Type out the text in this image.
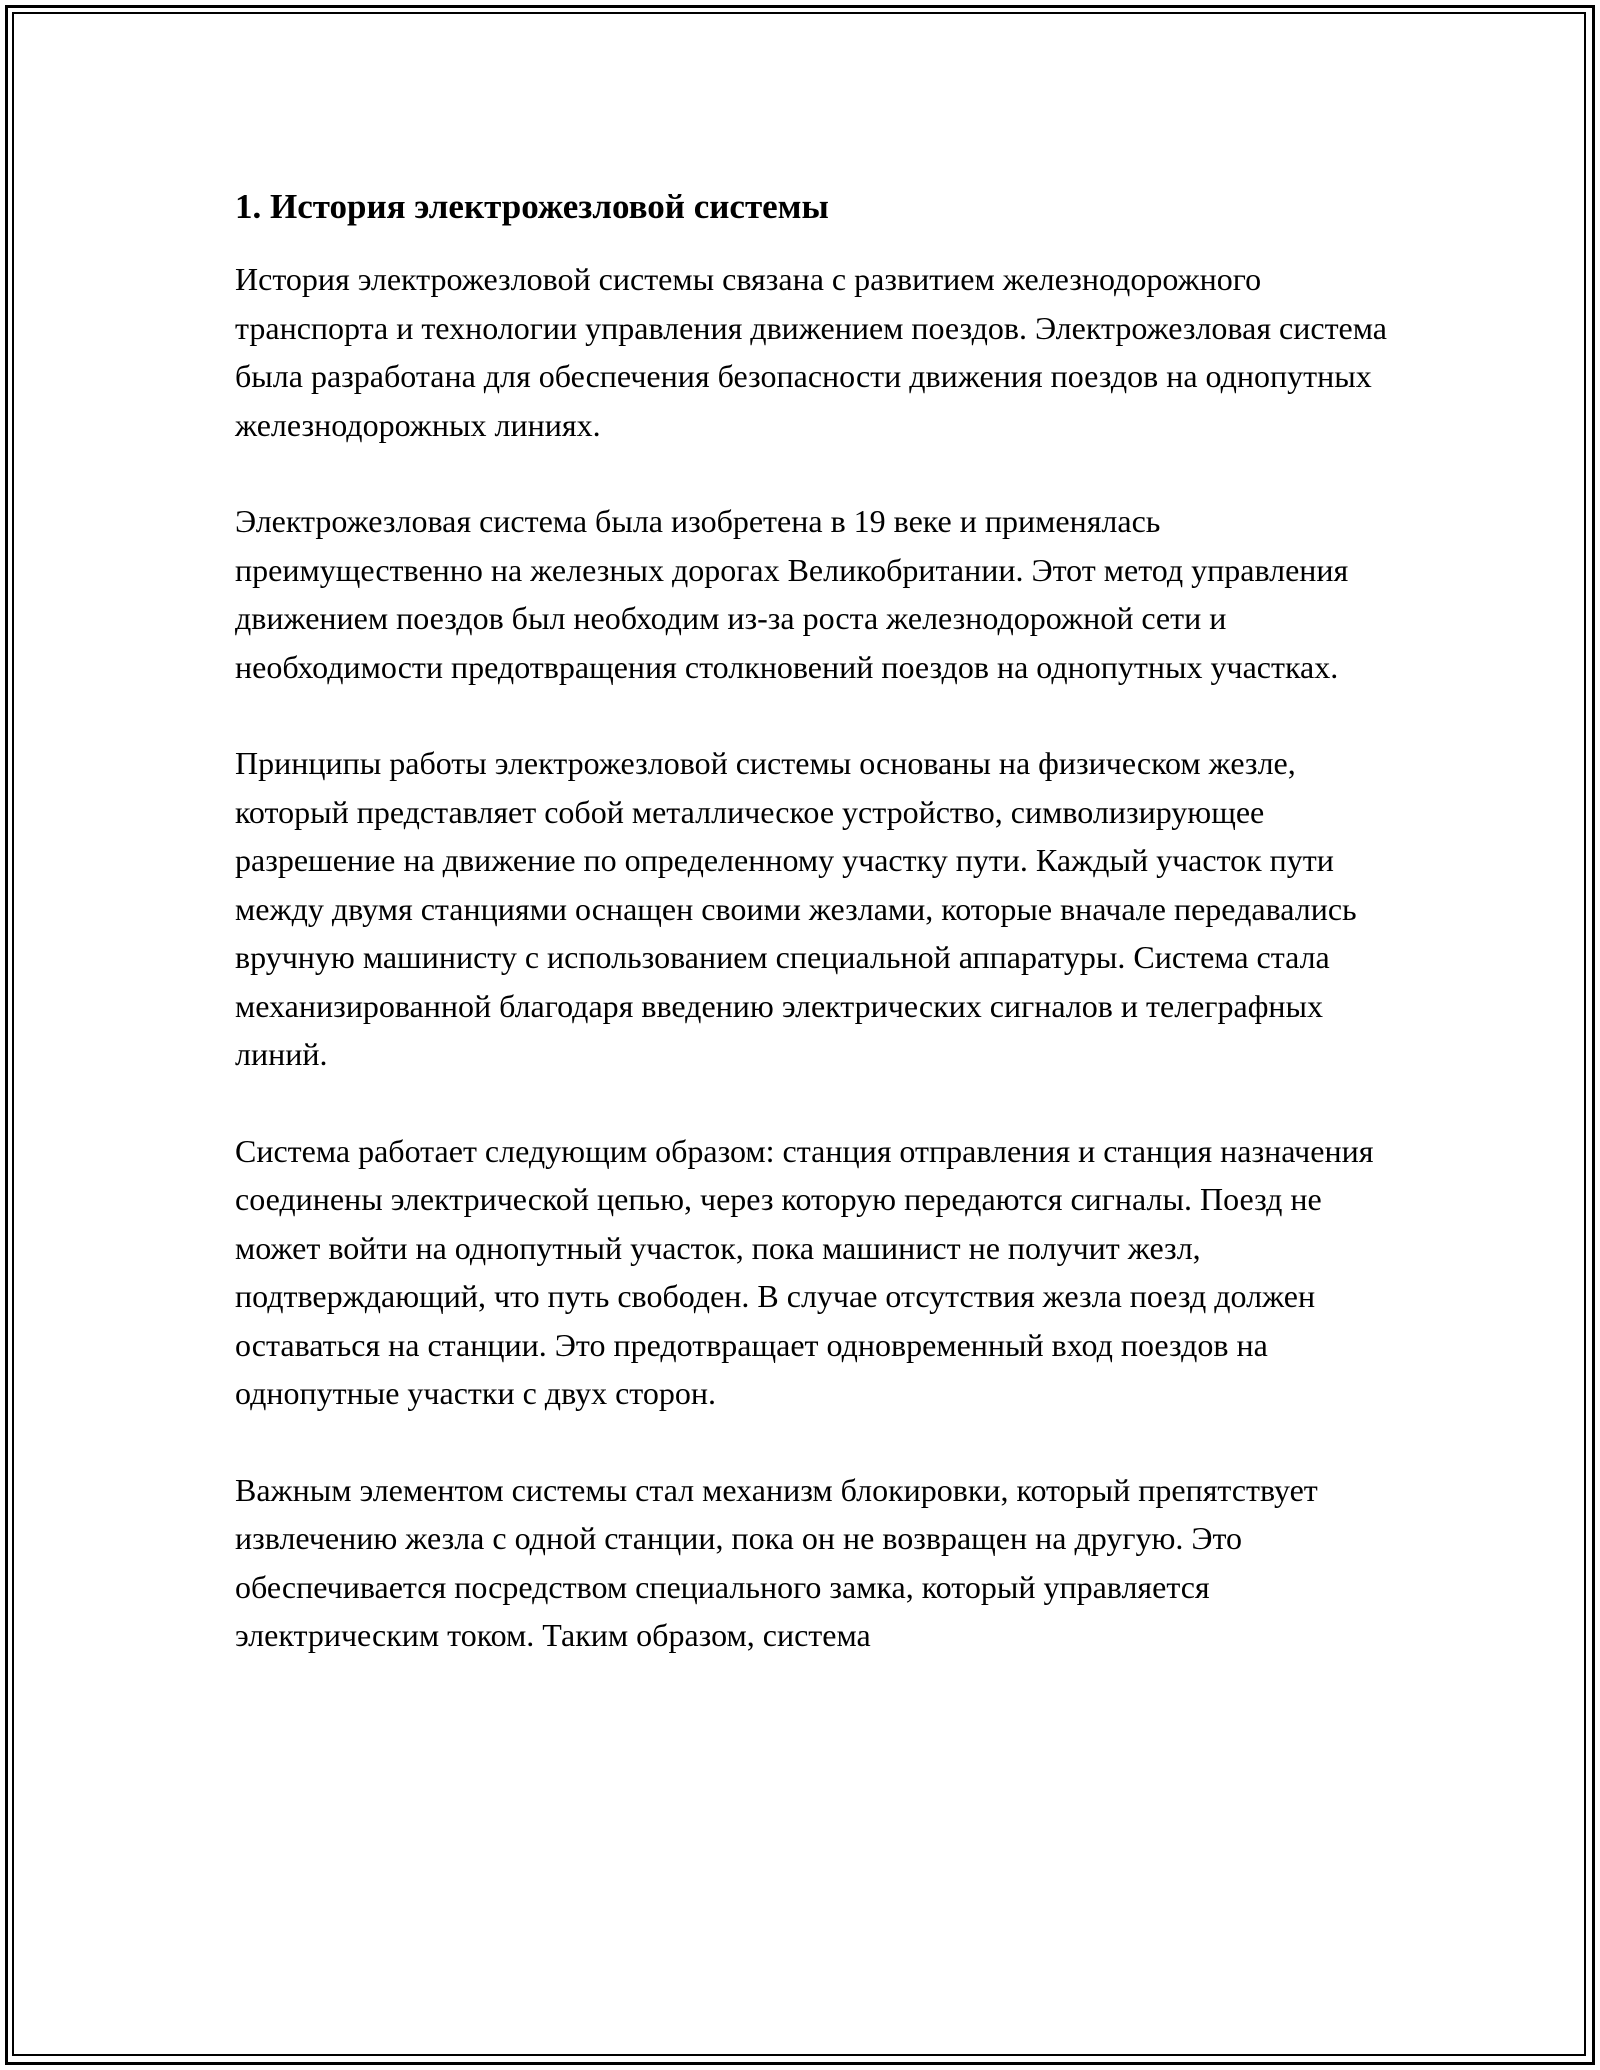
1. История электрожезловой системы

История электрожезловой системы связана с развитием железнодорожного транспорта и технологии управления движением поездов. Электрожезловая система была разработана для обеспечения безопасности движения поездов на однопутных железнодорожных линиях.

Электрожезловая система была изобретена в 19 веке и применялась преимущественно на железных дорогах Великобритании. Этот метод управления движением поездов был необходим из-за роста железнодорожной сети и необходимости предотвращения столкновений поездов на однопутных участках.

Принципы работы электрожезловой системы основаны на физическом жезле, который представляет собой металлическое устройство, символизирующее разрешение на движение по определенному участку пути. Каждый участок пути между двумя станциями оснащен своими жезлами, которые вначале передавались вручную машинисту с использованием специальной аппаратуры. Система стала механизированной благодаря введению электрических сигналов и телеграфных линий.

Система работает следующим образом: станция отправления и станция назначения соединены электрической цепью, через которую передаются сигналы. Поезд не может войти на однопутный участок, пока машинист не получит жезл, подтверждающий, что путь свободен. В случае отсутствия жезла поезд должен оставаться на станции. Это предотвращает одновременный вход поездов на однопутные участки с двух сторон.

Важным элементом системы стал механизм блокировки, который препятствует извлечению жезла с одной станции, пока он не возвращен на другую. Это обеспечивается посредством специального замка, который управляется электрическим током. Таким образом, система
